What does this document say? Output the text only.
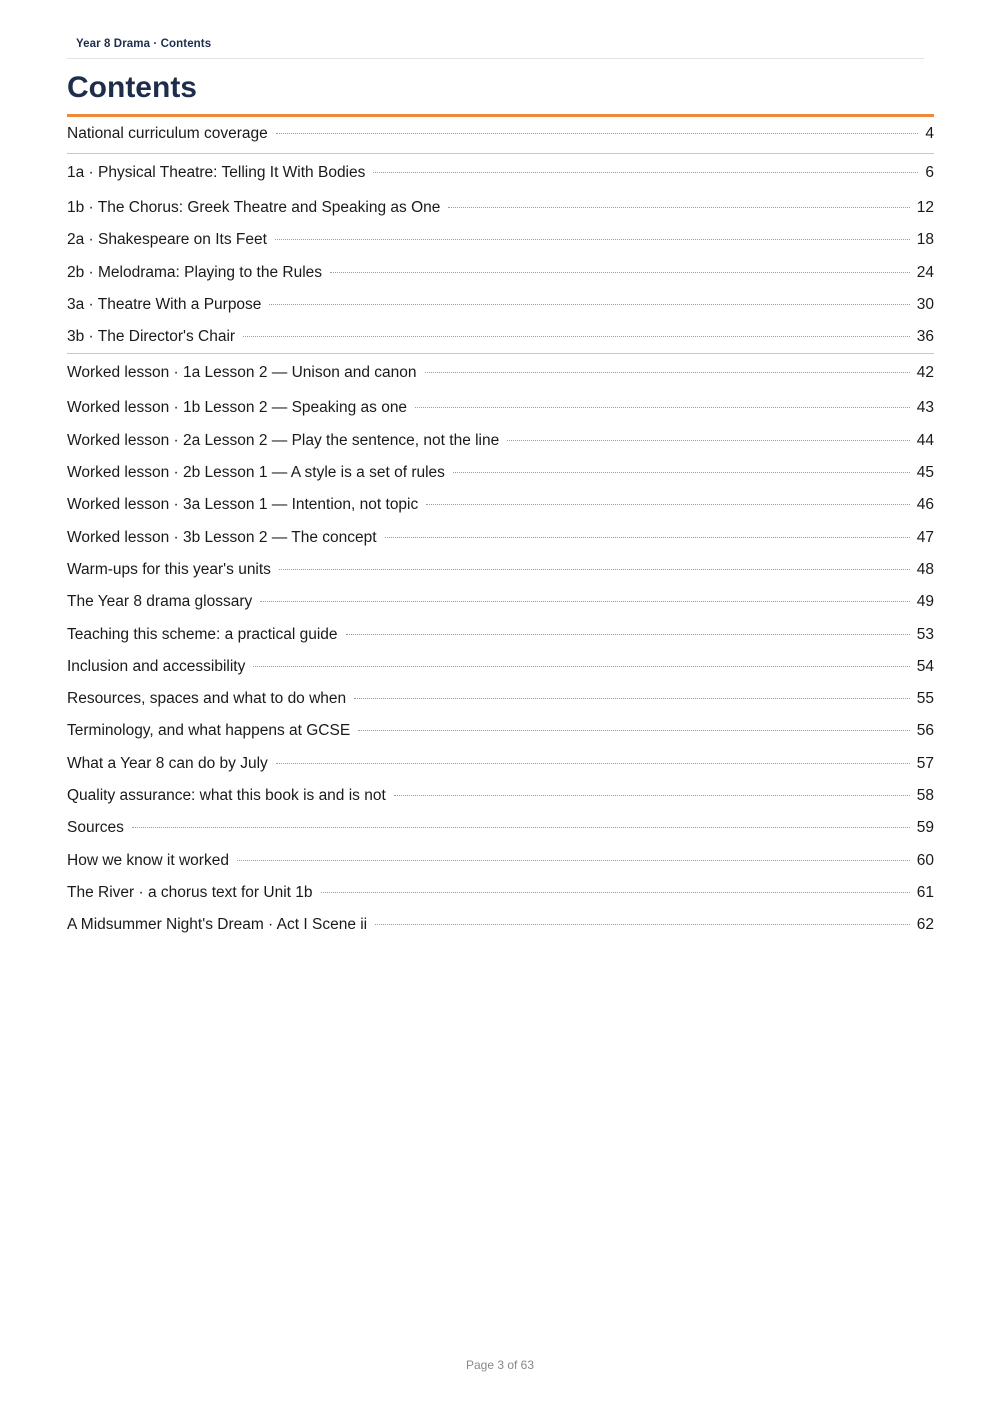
Year 8 Drama · Contents
Contents
National curriculum coverage	4
1a · Physical Theatre: Telling It With Bodies	6
1b · The Chorus: Greek Theatre and Speaking as One	12
2a · Shakespeare on Its Feet	18
2b · Melodrama: Playing to the Rules	24
3a · Theatre With a Purpose	30
3b · The Director's Chair	36
Worked lesson · 1a Lesson 2 — Unison and canon	42
Worked lesson · 1b Lesson 2 — Speaking as one	43
Worked lesson · 2a Lesson 2 — Play the sentence, not the line	44
Worked lesson · 2b Lesson 1 — A style is a set of rules	45
Worked lesson · 3a Lesson 1 — Intention, not topic	46
Worked lesson · 3b Lesson 2 — The concept	47
Warm-ups for this year's units	48
The Year 8 drama glossary	49
Teaching this scheme: a practical guide	53
Inclusion and accessibility	54
Resources, spaces and what to do when	55
Terminology, and what happens at GCSE	56
What a Year 8 can do by July	57
Quality assurance: what this book is and is not	58
Sources	59
How we know it worked	60
The River · a chorus text for Unit 1b	61
A Midsummer Night's Dream · Act I Scene ii	62
Page 3 of 63
